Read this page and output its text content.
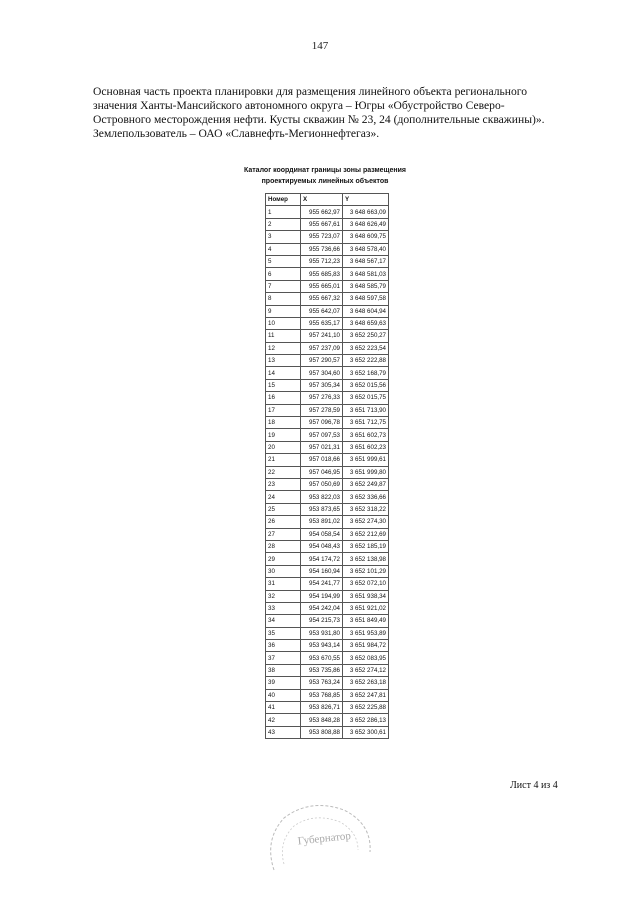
147

Основная часть проекта планировки для размещения линейного объекта регионального

значения Ханты-Мансийского автономного округа – Югры «Обустройство Северо-

Островного месторождения нефти. Кусты скважин № 23, 24 (дополнительные скважины)».

Землепользователь – ОАО «Славнефть-Мегионнефтегаз».

Каталог координат границы зоны размещения
проектируемых линейных объектов
Номер	X	Y
1	955 662,97	3 648 663,09
2	955 667,61	3 648 626,49
3	955 723,07	3 648 609,75
4	955 736,66	3 648 578,40
5	955 712,23	3 648 567,17
6	955 685,83	3 648 581,03
7	955 665,01	3 648 585,79
8	955 667,32	3 648 597,58
9	955 642,07	3 648 604,94
10	955 635,17	3 648 659,63
11	957 241,10	3 652 250,27
12	957 237,09	3 652 223,54
13	957 290,57	3 652 222,88
14	957 304,60	3 652 168,79
15	957 305,34	3 652 015,56
16	957 276,33	3 652 015,75
17	957 278,59	3 651 713,90
18	957 096,78	3 651 712,75
19	957 097,53	3 651 602,73
20	957 021,31	3 651 602,23
21	957 018,66	3 651 999,61
22	957 046,95	3 651 999,80
23	957 050,69	3 652 249,87
24	953 822,03	3 652 336,66
25	953 873,65	3 652 318,22
26	953 891,02	3 652 274,30
27	954 058,54	3 652 212,69
28	954 048,43	3 652 185,19
29	954 174,72	3 652 138,98
30	954 160,94	3 652 101,29
31	954 241,77	3 652 072,10
32	954 194,99	3 651 938,34
33	954 242,04	3 651 921,02
34	954 215,73	3 651 849,49
35	953 931,80	3 651 953,89
36	953 943,14	3 651 984,72
37	953 670,55	3 652 083,95
38	953 735,86	3 652 274,12
39	953 763,24	3 652 263,18
40	953 768,85	3 652 247,81
41	953 826,71	3 652 225,88
42	953 848,28	3 652 286,13
43	953 808,88	3 652 300,61
Губернатор
Лист 4 из 4
